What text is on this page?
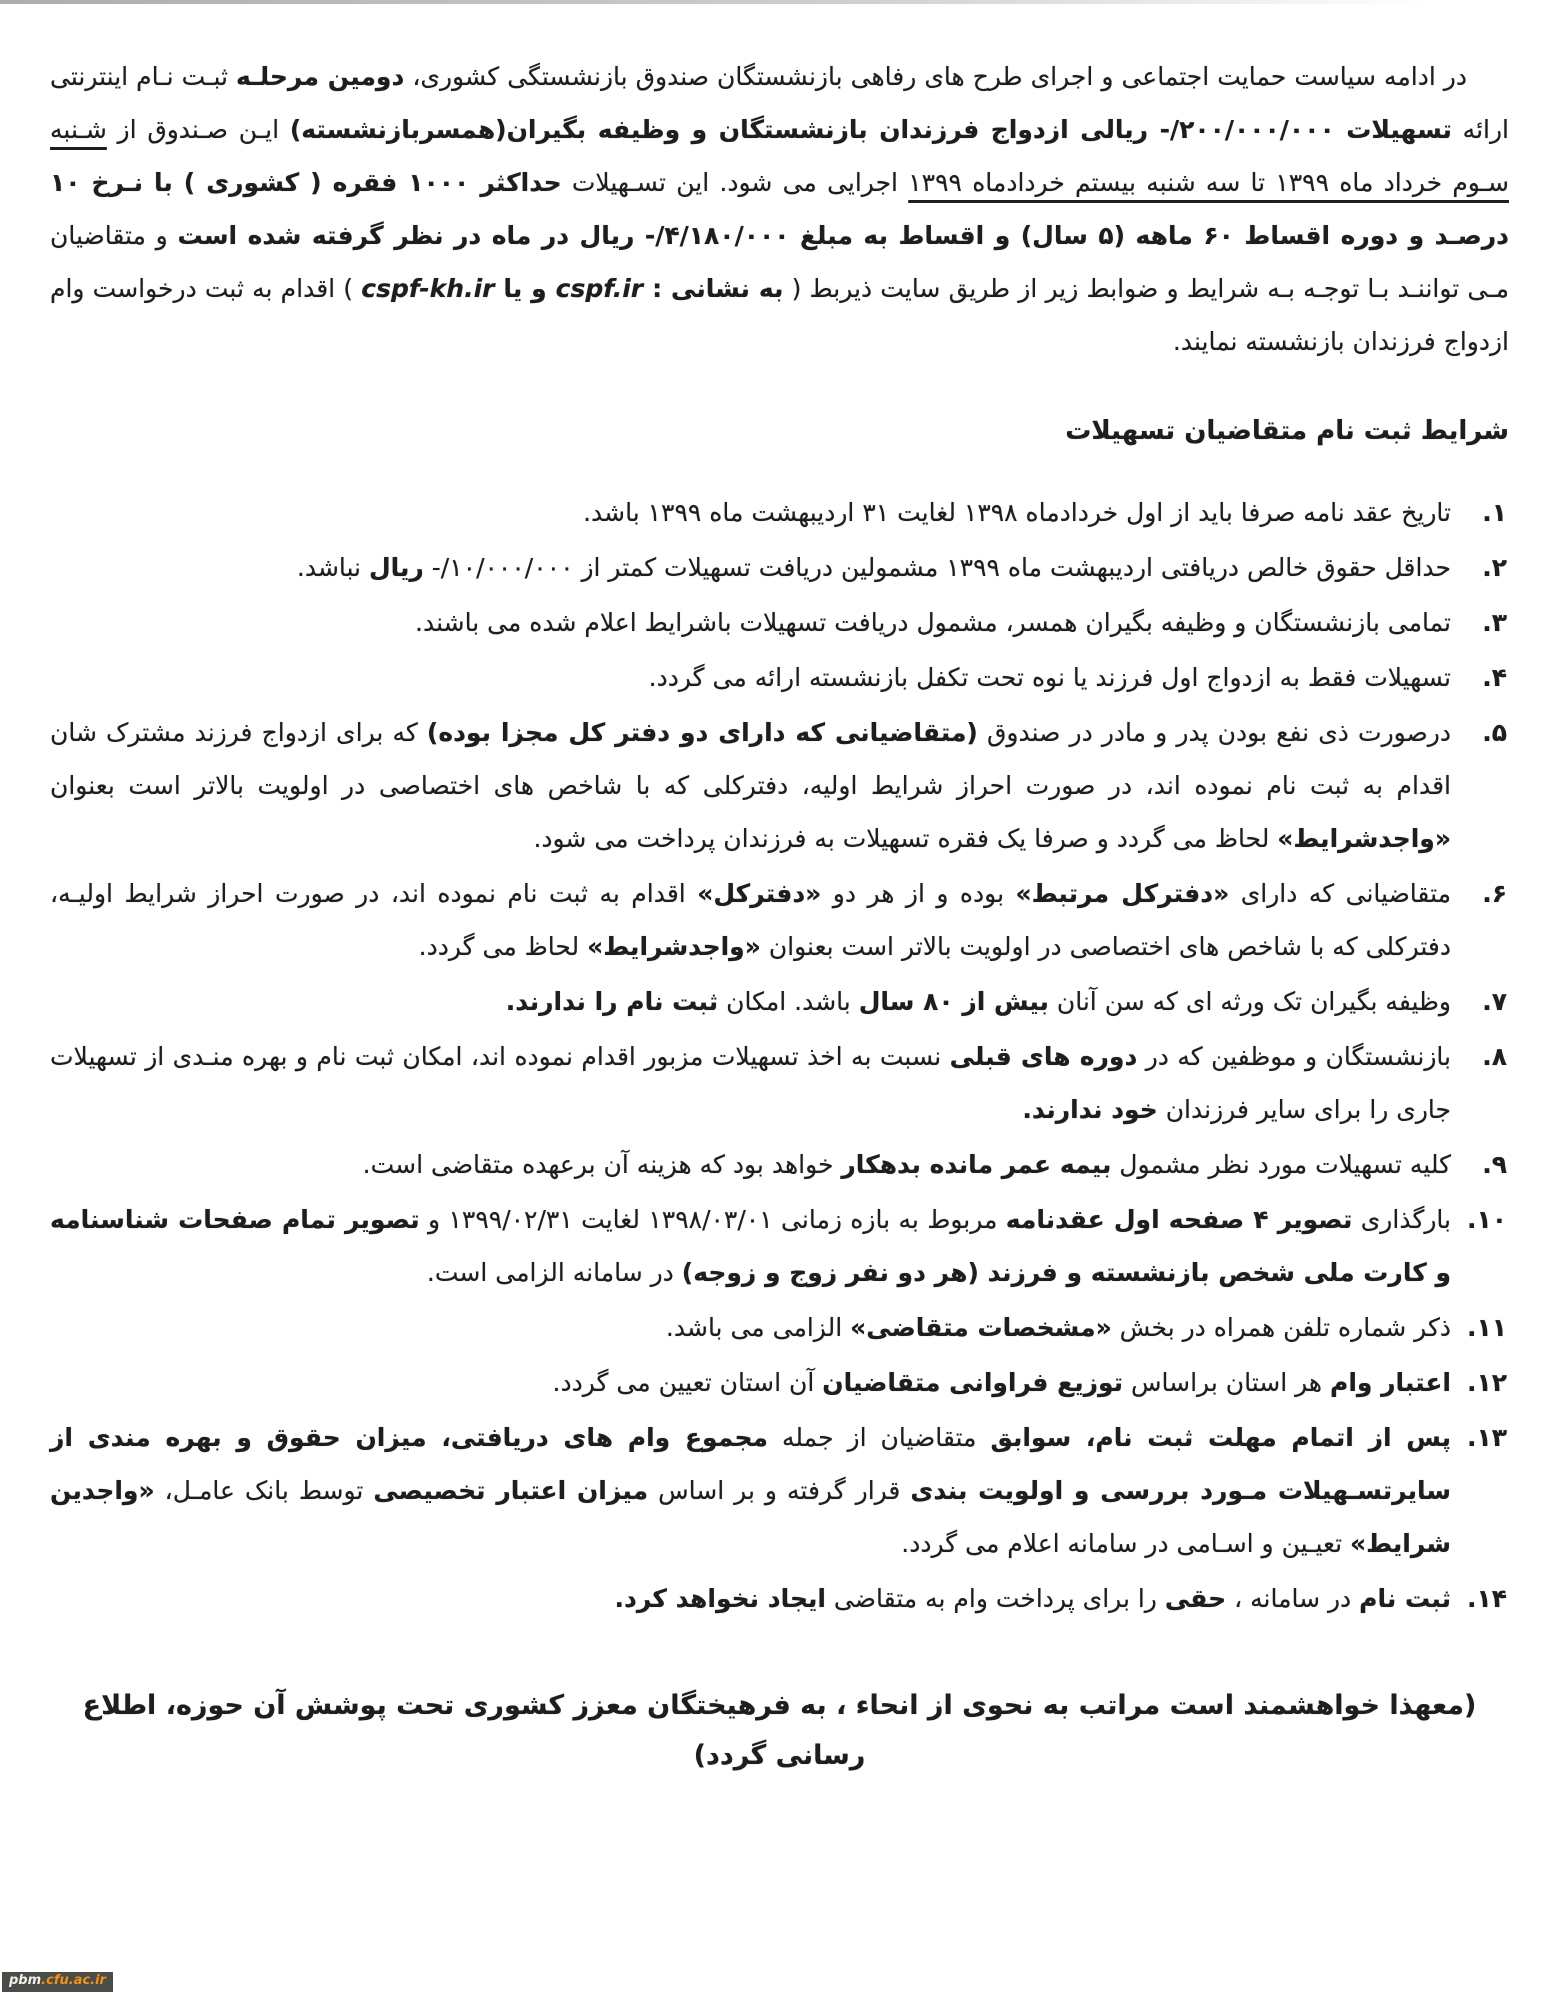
در ادامه سیاست حمایت اجتماعی و اجرای طرح های رفاهی بازنشستگان صندوق بازنشستگی کشوری، دومین مرحلـه ثبـت نـام اینترنتی ارائه تسهیلات -/۲۰۰/۰۰۰/۰۰۰ ریالی ازدواج فرزندان بازنشستگان و وظیفه بگیران(همسربازنشسته) ایـن صـندوق از شـنبه سـوم خرداد ماه ۱۳۹۹ تا سه شنبه بیستم خردادماه ۱۳۹۹ اجرایی می شود. این تسـهیلات حداکثر ۱۰۰۰ فقره ( کشوری ) با نـرخ ۱۰ درصـد و دوره اقساط ۶۰ ماهه (۵ سال) و اقساط به مبلغ -/۴/۱۸۰/۰۰۰ ریال در ماه در نظر گرفته شده است و متقاضیان مـی تواننـد بـا توجـه بـه شرایط و ضوابط زیر از طریق سایت ذیربط ( به نشانی : cspf.ir و یا cspf-kh.ir ) اقدام به ثبت درخواست وام ازدواج فرزندان بازنشسته نمایند.

شرایط ثبت نام متقاضیان تسهیلات
۱.
تاریخ عقد نامه صرفا باید از اول خردادماه ۱۳۹۸ لغایت ۳۱ اردیبهشت ماه ۱۳۹۹ باشد.
۲.
حداقل حقوق خالص دریافتی اردیبهشت ماه ۱۳۹۹ مشمولین دریافت تسهیلات کمتر از -/۱۰/۰۰۰/۰۰۰ ریال نباشد.
۳.
تمامی بازنشستگان و وظیفه بگیران همسر، مشمول دریافت تسهیلات باشرایط اعلام شده می باشند.
۴.
تسهیلات فقط به ازدواج اول فرزند یا نوه تحت تکفل بازنشسته ارائه می گردد.
۵.
درصورت ذی نفع بودن پدر و مادر در صندوق (متقاضیانی که دارای دو دفتر کل مجزا بوده) که برای ازدواج فرزند مشترک شان اقدام به ثبت نام نموده اند، در صورت احراز شرایط اولیه، دفترکلی که با شاخص های اختصاصی در اولویت بالاتر است بعنوان «واجدشرایط» لحاظ می گردد و صرفا یک فقره تسهیلات به فرزندان پرداخت می شود.
۶.
متقاضیانی که دارای «دفترکل مرتبط» بوده و از هر دو «دفترکل» اقدام به ثبت نام نموده اند، در صورت احراز شرایط اولیـه، دفترکلی که با شاخص های اختصاصی در اولویت بالاتر است بعنوان «واجدشرایط» لحاظ می گردد.
۷.
وظیفه بگیران تک ورثه ای که سن آنان بیش از ۸۰ سال باشد. امکان ثبت نام را ندارند.
۸.
بازنشستگان و موظفین که در دوره های قبلی نسبت به اخذ تسهیلات مزبور اقدام نموده اند، امکان ثبت نام و بهره منـدی از تسهیلات جاری را برای سایر فرزندان خود ندارند.
۹.
کلیه تسهیلات مورد نظر مشمول بیمه عمر مانده بدهکار خواهد بود که هزینه آن برعهده متقاضی است.
۱۰.
بارگذاری تصویر ۴ صفحه اول عقدنامه مربوط به بازه زمانی ۱۳۹۸/۰۳/۰۱ لغایت ۱۳۹۹/۰۲/۳۱ و تصویر تمام صفحات شناسنامه و کارت ملی شخص بازنشسته و فرزند (هر دو نفر زوج و زوجه) در سامانه الزامی است.
۱۱.
ذکر شماره تلفن همراه در بخش «مشخصات متقاضی» الزامی می باشد.
۱۲.
اعتبار وام هر استان براساس توزیع فراوانی متقاضیان آن استان تعیین می گردد.
۱۳.
پس از اتمام مهلت ثبت نام، سوابق متقاضیان از جمله مجموع وام های دریافتی، میزان حقوق و بهره مندی از سایرتسـهیلات مـورد بررسی و اولویت بندی قرار گرفته و بر اساس میزان اعتبار تخصیصی توسط بانک عامـل، «واجدین شرایط» تعیـین و اسـامی در سامانه اعلام می گردد.
۱۴.
ثبت نام در سامانه ، حقی را برای پرداخت وام به متقاضی ایجاد نخواهد کرد.

(معهذا خواهشمند است مراتب به نحوی از انحاء ، به فرهیختگان معزز کشوری تحت پوشش آن حوزه، اطلاع رسانی گردد)

pbm.cfu.ac.ir
